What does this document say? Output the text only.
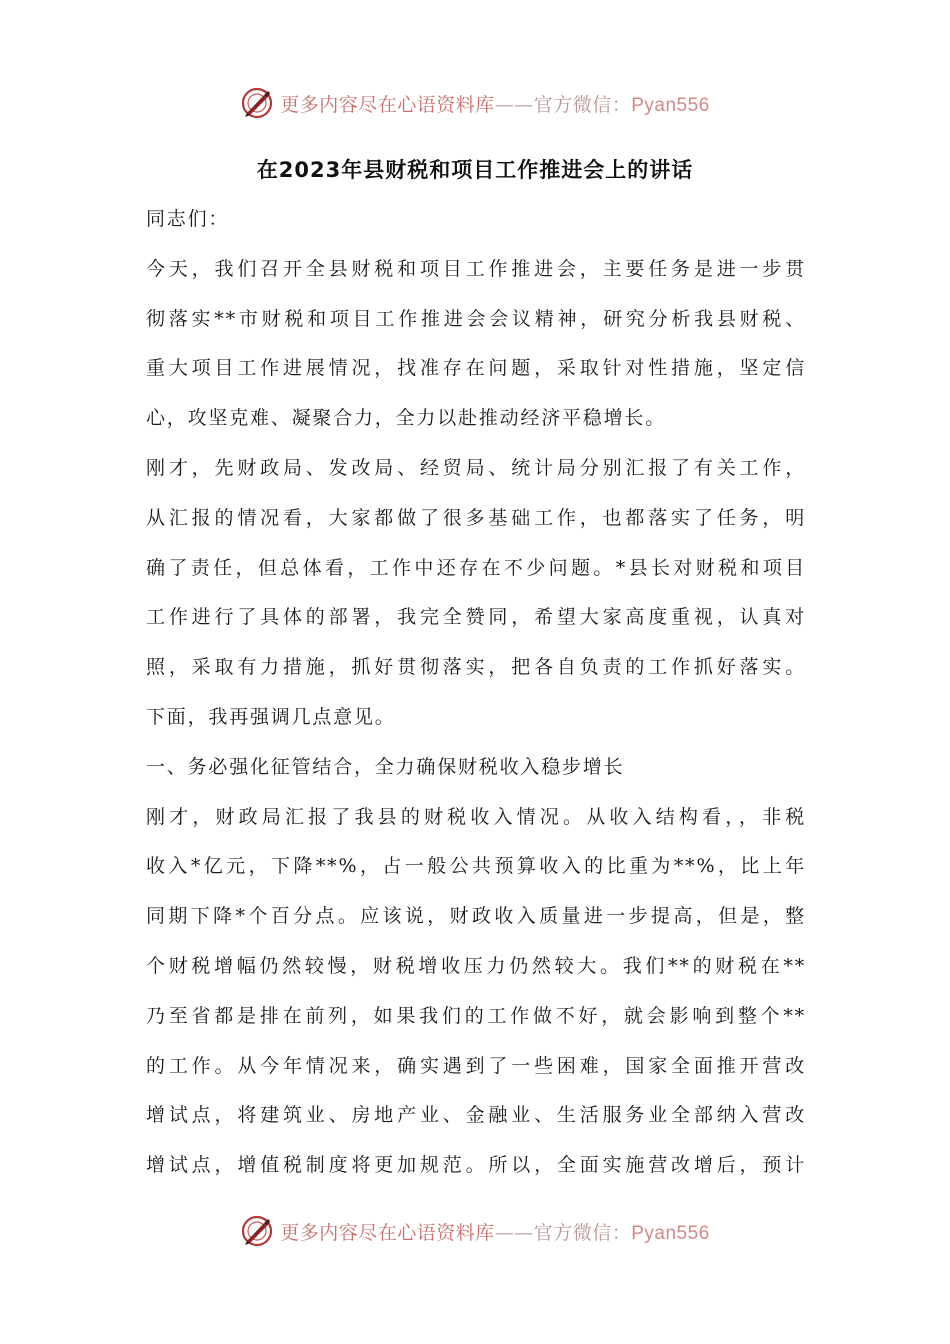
更多内容尽在心语资料库——官方微信：Pyan556
在2023年县财税和项目工作推进会上的讲话

同志们：

今天，我们召开全县财税和项目工作推进会，主要任务是进一步贯
彻落实**市财税和项目工作推进会会议精神，研究分析我县财税、
重大项目工作进展情况，找准存在问题，采取针对性措施，坚定信
心，攻坚克难、凝聚合力，全力以赴推动经济平稳增长。

刚才，先财政局、发改局、经贸局、统计局分别汇报了有关工作，
从汇报的情况看，大家都做了很多基础工作，也都落实了任务，明
确了责任，但总体看，工作中还存在不少问题。*县长对财税和项目
工作进行了具体的部署，我完全赞同，希望大家高度重视，认真对
照，采取有力措施，抓好贯彻落实，把各自负责的工作抓好落实。
下面，我再强调几点意见。

一、务必强化征管结合，全力确保财税收入稳步增长

刚才，财政局汇报了我县的财税收入情况。从收入结构看，，非税
收入*亿元，下降**%，占一般公共预算收入的比重为**%，比上年
同期下降*个百分点。应该说，财政收入质量进一步提高，但是，整
个财税增幅仍然较慢，财税增收压力仍然较大。我们**的财税在**
乃至省都是排在前列，如果我们的工作做不好，就会影响到整个**
的工作。从今年情况来，确实遇到了一些困难，国家全面推开营改
增试点，将建筑业、房地产业、金融业、生活服务业全部纳入营改
增试点，增值税制度将更加规范。所以，全面实施营改增后，预计

更多内容尽在心语资料库——官方微信：Pyan556
